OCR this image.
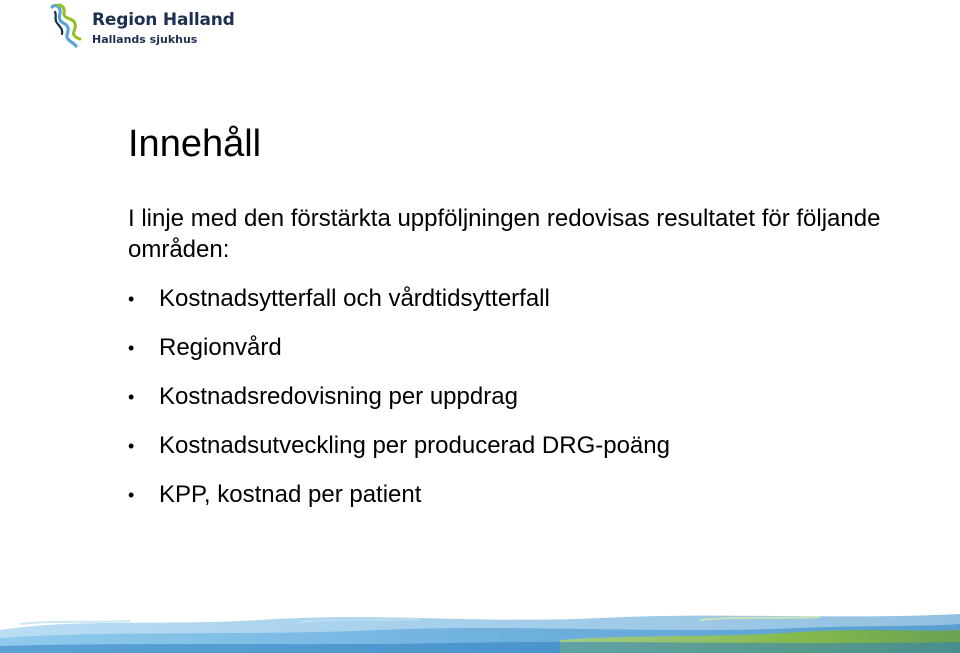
Region Halland
Hallands sjukhus
Innehåll

I linje med den förstärkta uppföljningen redovisas resultatet för följande områden:

•	Kostnadsytterfall och vårdtidsytterfall
•	Regionvård
•	Kostnadsredovisning per uppdrag
•	Kostnadsutveckling per producerad DRG-poäng
•	KPP, kostnad per patient
